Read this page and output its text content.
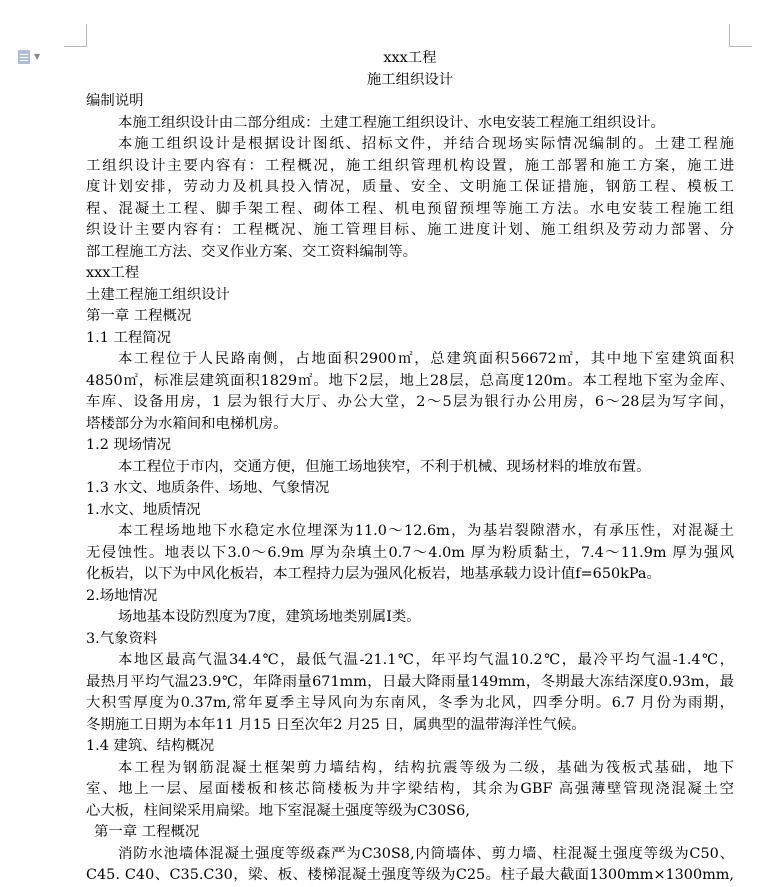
▼	xxx工程
施工组织设计
编制说明
本施工组织设计由二部分组成：土建工程施工组织设计、水电安装工程施工组织设计。
本施工组织设计是根据设计图纸、招标文件，并结合现场实际情况编制的。土建工程施
工组织设计主要内容有：工程概况，施工组织管理机构设置，施工部署和施工方案，施工进
度计划安排，劳动力及机具投入情况，质量、安全、文明施工保证措施，钢筋工程、模板工
程、混凝土工程、脚手架工程、砌体工程、机电预留预埋等施工方法。水电安装工程施工组
织设计主要内容有：工程概况、施工管理目标、施工进度计划、施工组织及劳动力部署、分
部工程施工方法、交叉作业方案、交工资料编制等。
xxx工程
土建工程施工组织设计
第一章 工程概况
1.1 工程简况
本工程位于人民路南侧，占地面积2900㎡，总建筑面积56672㎡，其中地下室建筑面积
4850㎡，标准层建筑面积1829㎡。地下2层，地上28层，总高度120m。本工程地下室为金库、
车库、设备用房，1 层为银行大厅、办公大堂，2～5层为银行办公用房，6～28层为写字间，
塔楼部分为水箱间和电梯机房。
1.2 现场情况
本工程位于市内，交通方便，但施工场地狭窄，不利于机械、现场材料的堆放布置。
1.3 水文、地质条件、场地、气象情况
1.水文、地质情况
本工程场地地下水稳定水位埋深为11.0～12.6m，为基岩裂隙潜水，有承压性，对混凝土
无侵蚀性。地表以下3.0～6.9m 厚为杂填土0.7～4.0m 厚为粉质黏土，7.4～11.9m 厚为强风
化板岩，以下为中风化板岩，本工程持力层为强风化板岩，地基承载力设计值f=650kPa。
2.场地情况
场地基本设防烈度为7度，建筑场地类别属Ⅰ类。
3.气象资料
本地区最高气温34.4℃，最低气温-21.1℃，年平均气温10.2℃，最冷平均气温-1.4℃，
最热月平均气温23.9℃，年降雨量671mm，日最大降雨量149mm，冬期最大冻结深度0.93m，最
大积雪厚度为0.37m,常年夏季主导风向为东南风，冬季为北风，四季分明。6.7 月份为雨期，
冬期施工日期为本年11 月15 日至次年2 月25 日，属典型的温带海洋性气候。
1.4 建筑、结构概况
本工程为钢筋混凝土框架剪力墙结构，结构抗震等级为二级，基础为筏板式基础，地下
室、地上一层、屋面楼板和核芯筒楼板为井字梁结构，其余为GBF 高强薄壁管现浇混凝土空
心大板，柱间梁采用扁梁。地下室混凝土强度等级为C30S6,
第一章 工程概况
消防水池墙体混凝土强度等级森严为C30S8,内筒墙体、剪力墙、柱混凝土强度等级为C50、
C45. C40、C35.C30，梁、板、楼梯混凝土强度等级为C25。柱子最大截面1300mm×1300mm,
